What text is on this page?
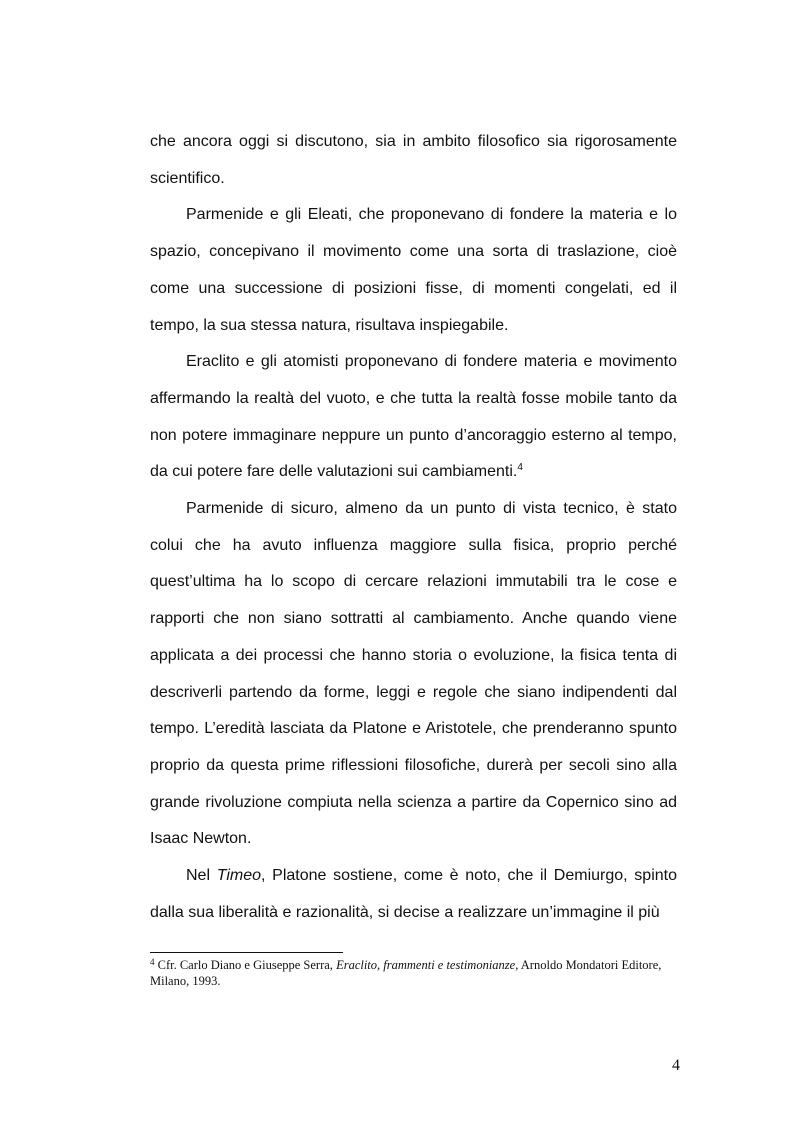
che ancora oggi si discutono, sia in ambito filosofico sia rigorosamente scientifico.

Parmenide e gli Eleati, che proponevano di fondere la materia e lo spazio, concepivano il movimento come una sorta di traslazione, cioè come una successione di posizioni fisse, di momenti congelati, ed il tempo, la sua stessa natura, risultava inspiegabile.

Eraclito e gli atomisti proponevano di fondere materia e movimento affermando la realtà del vuoto, e che tutta la realtà fosse mobile tanto da non potere immaginare neppure un punto d’ancoraggio esterno al tempo, da cui potere fare delle valutazioni sui cambiamenti.$^4$

Parmenide di sicuro, almeno da un punto di vista tecnico, è stato colui che ha avuto influenza maggiore sulla fisica, proprio perché quest’ultima ha lo scopo di cercare relazioni immutabili tra le cose e rapporti che non siano sottratti al cambiamento. Anche quando viene applicata a dei processi che hanno storia o evoluzione, la fisica tenta di descriverli partendo da forme, leggi e regole che siano indipendenti dal tempo. L’eredità lasciata da Platone e Aristotele, che prenderanno spunto proprio da questa prime riflessioni filosofiche, durerà per secoli sino alla grande rivoluzione compiuta nella scienza a partire da Copernico sino ad Isaac Newton.

Nel Timeo, Platone sostiene, come è noto, che il Demiurgo, spinto dalla sua liberalità e razionalità, si decise a realizzare un’immagine il più

$^4$ Cfr. Carlo Diano e Giuseppe Serra, Eraclito, frammenti e testimonianze, Arnoldo Mondatori Editore, Milano, 1993.
4
